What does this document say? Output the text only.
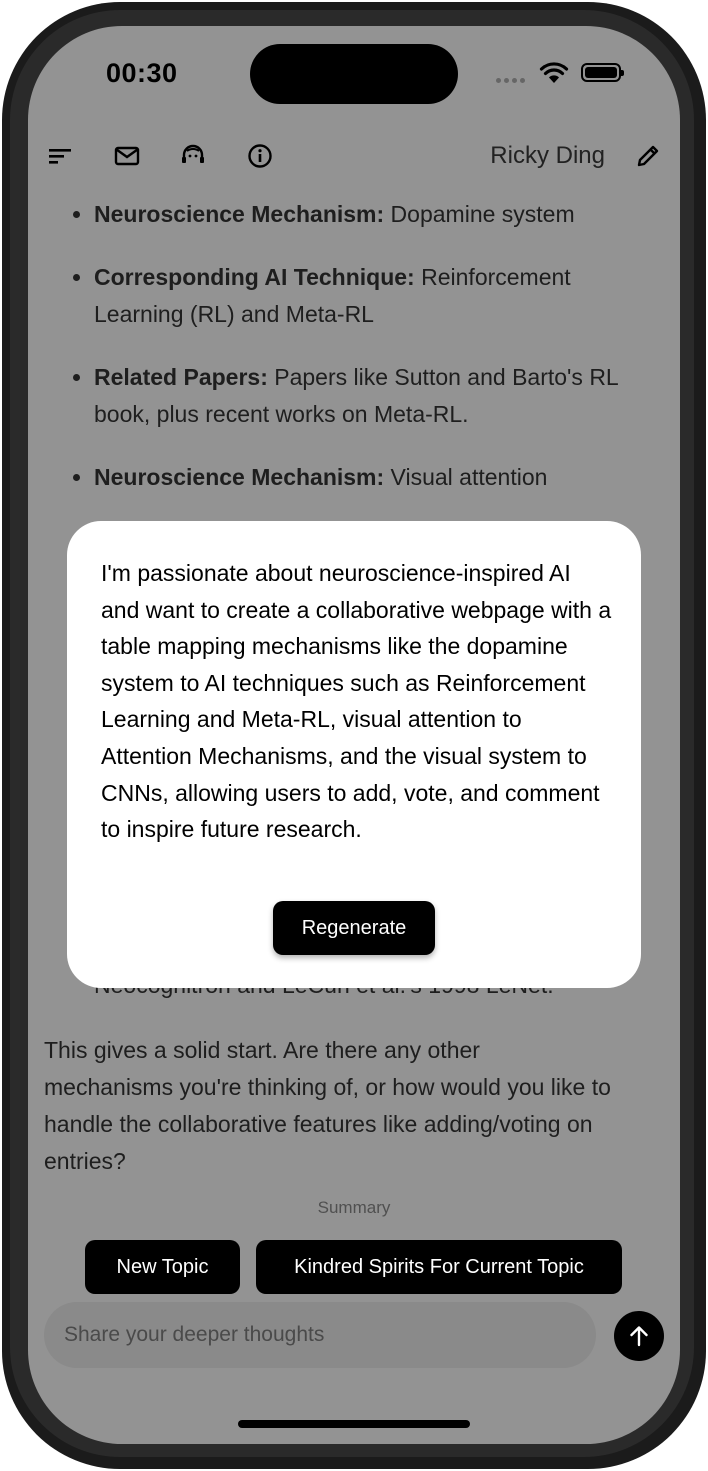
00:30
Ricky Ding
• Neuroscience Mechanism: Dopamine system
• Corresponding AI Technique: Reinforcement Learning (RL) and Meta-RL
• Related Papers: Papers like Sutton and Barto's RL book, plus recent works on Meta-RL.
• Neuroscience Mechanism: Visual attention
This gives a solid start. Are there any other mechanisms you're thinking of, or how would you like to handle the collaborative features like adding/voting on entries?
Summary
New Topic	Kindred Spirits For Current Topic
Share your deeper thoughts
I'm passionate about neuroscience-inspired AI and want to create a collaborative webpage with a table mapping mechanisms like the dopamine system to AI techniques such as Reinforcement Learning and Meta-RL, visual attention to Attention Mechanisms, and the visual system to CNNs, allowing users to add, vote, and comment to inspire future research.
Regenerate
